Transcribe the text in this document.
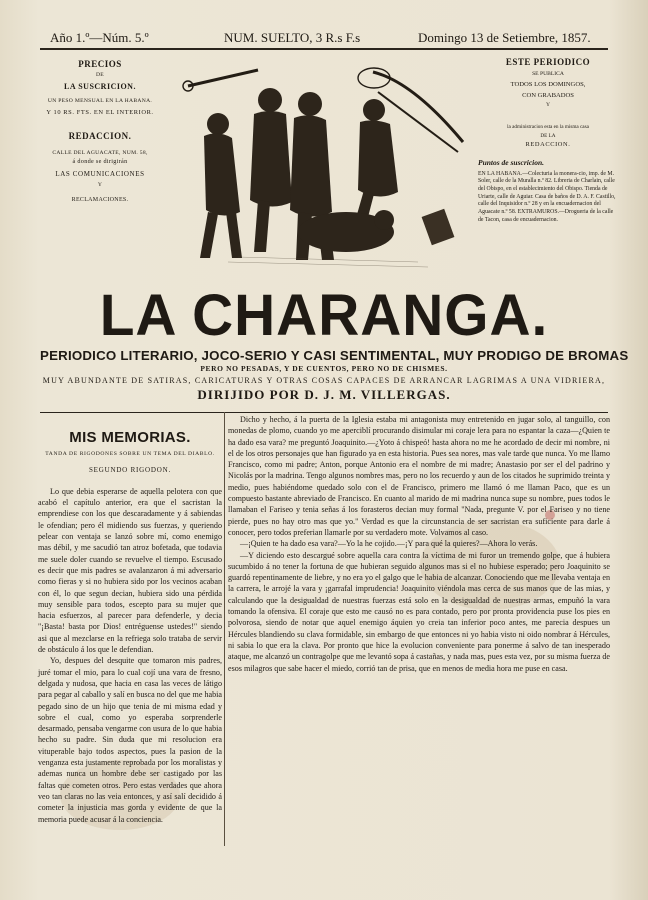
Año 1.º—Núm. 5.º	NUM. SUELTO, 3 R.s F.s	Domingo 13 de Setiembre, 1857.
PRECIOS
DE
LA SUSCRICION.
UN PESO MENSUAL EN LA HABANA.
Y 10 RS. FTS. EN EL INTERIOR.
REDACCION.
CALLE DEL AGUACATE, NUM. 58,
á donde se dirigirán
LAS COMUNICACIONES
Y
RECLAMACIONES.
ESTE PERIODICO
SE PUBLICA
TODOS LOS DOMINGOS,
CON GRABADOS
Y
la administracion esta en la misma casa
DE LA
REDACCION.
Puntos de suscricion.
EN LA HABANA.—Colecturia la monera-cio, imp. de M. Soler, calle de la Muralla n.º 82. Libreria de Charlain, calle del Obispo, en el establecimiento del Obispo. Tienda de Uriarte, calle de Aguiar. Casa de baños de D. A. F. Castillo, calle del Inquisidor n.º 28 y en la encuadernacion del Aguacate n.º 58. EXTRAMUROS.—Drogueria de la calle de Tacon, casa de encuadernacion.
LA CHARANGA.
PERIODICO LITERARIO, JOCO-SERIO Y CASI SENTIMENTAL, MUY PRODIGO DE BROMAS
PERO NO PESADAS, Y DE CUENTOS, PERO NO DE CHISMES.
MUY ABUNDANTE DE SATIRAS, CARICATURAS Y OTRAS COSAS CAPACES DE ARRANCAR LAGRIMAS A UNA VIDRIERA,
DIRIJIDO POR D. J. M. VILLERGAS.
MIS MEMORIAS.
TANDA DE RIGODONES SOBRE UN TEMA DEL DIABLO.
SEGUNDO RIGODON.

Lo que debia esperarse de aquella pelotera con que acabó el capítulo anterior, era que el sacristan la emprendiese con los que descaradamente y á sabiendas le ofendian; pero él midiendo sus fuerzas, y queriendo pelear con ventaja se lanzó sobre mí, como enemigo mas débil, y me sacudió tan atroz bofetada, que todavia me suele doler cuando se revuelve el tiempo. Escusado es decir que mis padres se avalanzaron á mi adversario como fieras y si no hubiera sido por los vecinos acaban con él, lo que segun decian, hubiera sido una pérdida muy sensible para todos, escepto para su mujer que hacia esfuerzos, al parecer para defenderle, y decia "¡Basta! basta por Dios! entréguense ustedes!" siendo asi que al mezclarse en la refriega solo trataba de servir de obstáculo á los que le defendian.

Yo, despues del desquite que tomaron mis padres, juré tomar el mio, para lo cual cojí una vara de fresno, delgada y nudosa, que hacia en casa las veces de látigo para pegar al caballo y salí en busca no del que me habia pegado sino de un hijo que tenia de mi misma edad y sobre el cual, como yo esperaba sorprenderle desarmado, pensaba vengarme con usura de lo que habia hecho su padre. Sin duda que mi resolucion era vituperable bajo todos aspectos, pues la pasion de la venganza esta justamente reprobada por los moralistas y ademas nunca un hombre debe ser castigado por las faltas que cometen otros. Pero estas verdades que ahora veo tan claras no las veia entonces, y así salí decidido á cometer la injusticia mas gorda y evidente de que la memoria puede acusar á la conciencia.

Dicho y hecho, á la puerta de la Iglesia estaba mi antagonista muy entretenido en jugar solo, al tanguillo, con monedas de plomo, cuando yo me aperciblí procurando disimular mi coraje lera para no espantar la caza—¿Quien te ha dado esa vara? me preguntó Joaquinito.—¿Yoto á chispeó! hasta ahora no me he acordado de decir mi nombre, ni el de los otros personajes que han figurado ya en esta historia. Pues sea nores, mas vale tarde que nunca. Yo me llamo Francisco, como mi padre; Anton, porque Antonio era el nombre de mi madre; Anastasio por ser el del padrino y Nicolás por la madrina. Tengo algunos nombres mas, pero no los recuerdo y aun de los citados he suprimido treinta y medio, pues habiéndome quedado solo con el de Francisco, primero me llamó ó me llaman Paco, que es un compuesto bastante abreviado de Francisco. En cuanto al marido de mi madrina nunca supe su nombre, pues todos le llamaban el Fariseo y tenia señas á los forasteros decian muy formal "Nada, pregunte V. por el Fariseo y no tiene pierde, pues no hay otro mas que yo." Verdad es que la circunstancia de ser sacristan era suficiente para darle á conocer, pero todos preferian llamarle por su verdadero mote. Volvamos al caso.

—¡Quien te ha dado esa vara?—Yo la he cojido.—¡Y para qué la quieres?—Ahora lo verás.

—Y diciendo esto descargué sobre aquella cara contra la víctima de mi furor un tremendo golpe, que á hubiera sucumbido á no tener la fortuna de que hubieran seguido algunos mas si el no hubiese esperado; pero Joaquinito se guardó repentinamente de liebre, y no era yo el galgo que le habia de alcanzar. Conociendo que me llevaba ventaja en la carrera, le arrojé la vara y ¡garrafal imprudencia! Joaquinito viéndola mas cerca de sus manos que de las mias, y calculando que la desigualdad de nuestras fuerzas está solo en la desigualdad de nuestras armas, empuñó la vara tomando la ofensiva. El coraje que esto me causó no es para contado, pero por pronta providencia puse los pies en polvorosa, siendo de notar que aquel enemigo áquien yo creia tan inferior poco antes, me parecia despues un Hércules blandiendo su clava formidable, sin embargo de que entonces ni yo habia visto ni oido nombrar á Hércules, ni sabia lo que era la clava. Por pronto que hice la evolucion conveniente para ponerme á salvo de tan inesperado ataque, me alcanzó un contragolpe que me levantó sopa á castañas, y nada mas, pues esta vez, por su misma fuerza de esos milagros que sabe hacer el miedo, corrió tan de prisa, que en menos de media hora me puse en casa.
